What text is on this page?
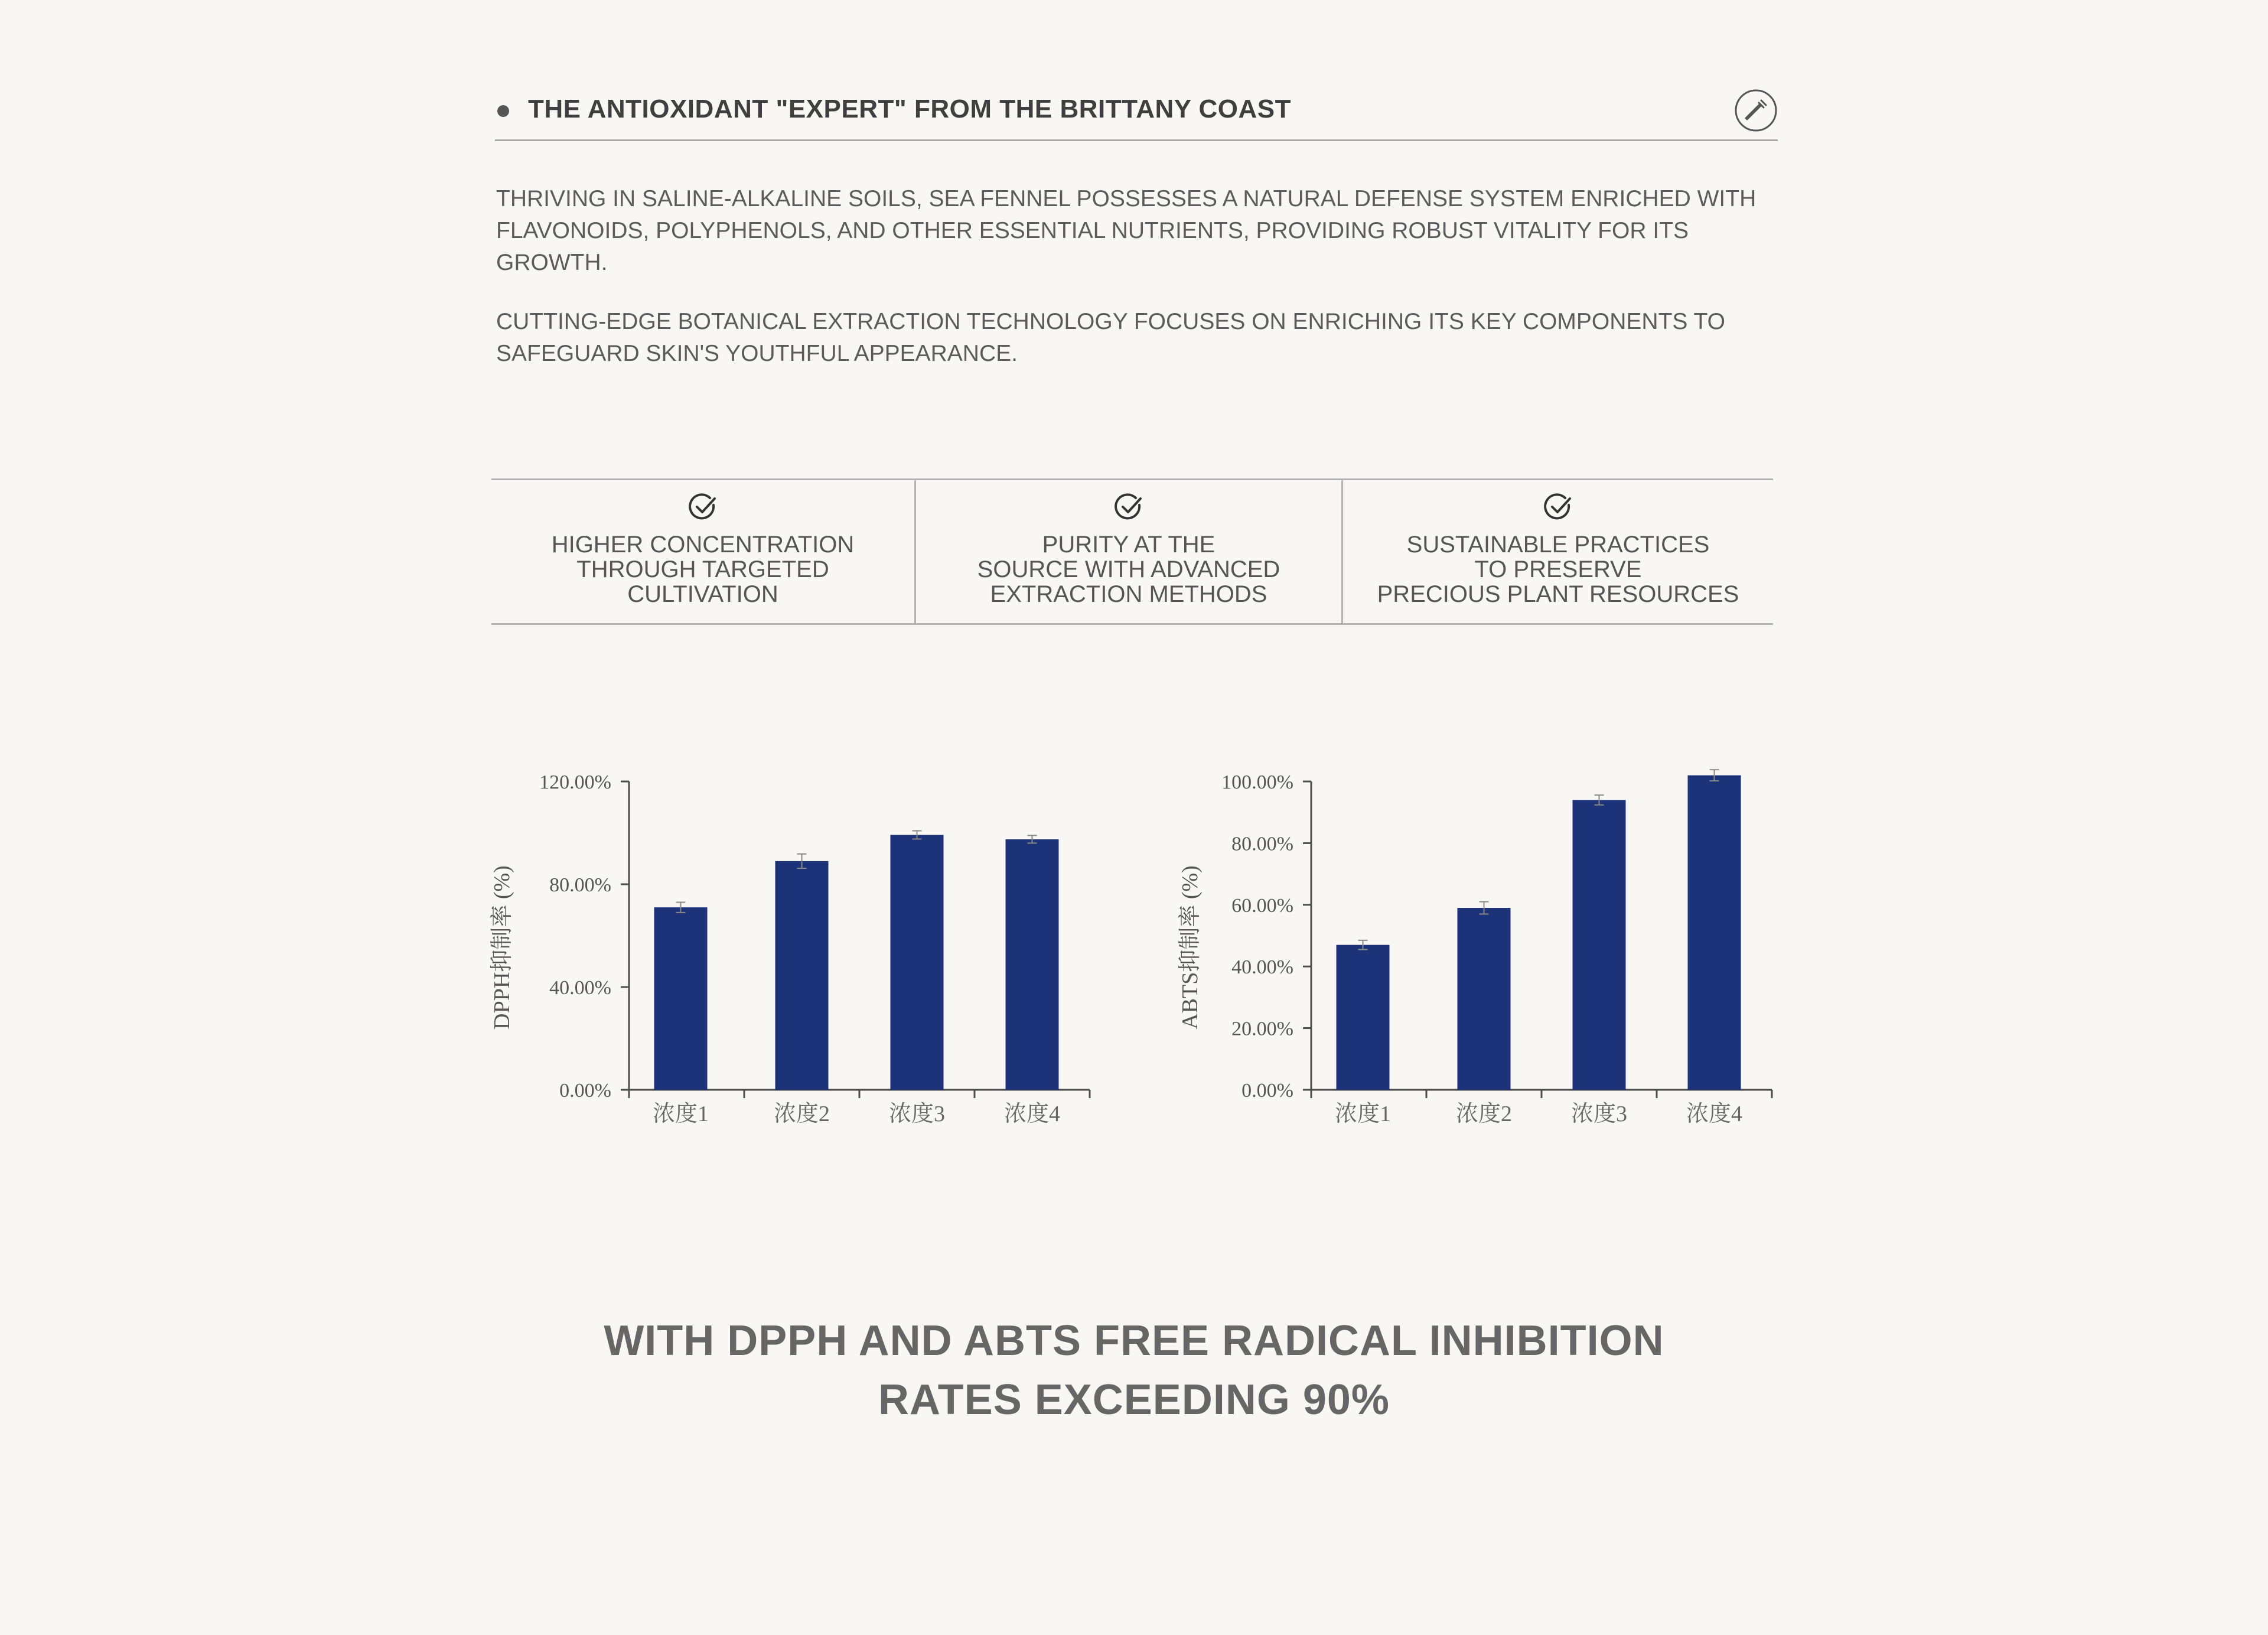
THE ANTIOXIDANT "EXPERT" FROM THE BRITTANY COAST

THRIVING IN SALINE-ALKALINE SOILS, SEA FENNEL POSSESSES A NATURAL DEFENSE SYSTEM ENRICHED WITH FLAVONOIDS, POLYPHENOLS, AND OTHER ESSENTIAL NUTRIENTS, PROVIDING ROBUST VITALITY FOR ITS GROWTH.

CUTTING-EDGE BOTANICAL EXTRACTION TECHNOLOGY FOCUSES ON ENRICHING ITS KEY COMPONENTS TO SAFEGUARD SKIN'S YOUTHFUL APPEARANCE.

HIGHER CONCENTRATION
THROUGH TARGETED
CULTIVATION
PURITY AT THE
SOURCE WITH ADVANCED
EXTRACTION METHODS
SUSTAINABLE PRACTICES
TO PRESERVE
PRECIOUS PLANT RESOURCES
0.00%
40.00%
80.00%
120.00%
浓度1	浓度2	浓度3	浓度4
DPPH抑制率 (%)
0.00%
20.00%
40.00%
60.00%
80.00%
100.00%
浓度1	浓度2	浓度3	浓度4
ABTS抑制率 (%)
WITH DPPH AND ABTS FREE RADICAL INHIBITION
RATES EXCEEDING 90%
